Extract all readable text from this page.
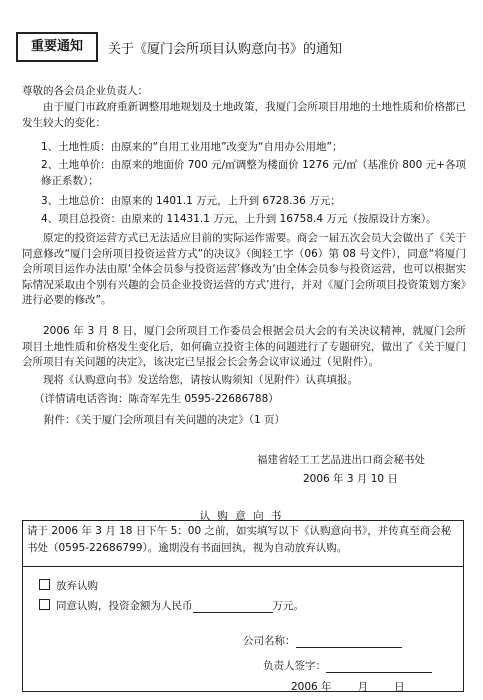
重要通知	关于《厦门会所项目认购意向书》的通知
尊敬的各会员企业负责人：
由于厦门市政府重新调整用地规划及土地政策，我厦门会所项目用地的土地性质和价格都已发生较大的变化：
1、土地性质：由原来的“自用工业用地”改变为“自用办公用地”；
2、土地单价：由原来的地面价 700 元/㎡调整为楼面价 1276 元/㎡（基准价 800 元+各项修正系数）；
3、土地总价：由原来的 1401.1 万元，上升到 6728.36 万元；
4、项目总投资：由原来的 11431.1 万元，上升到 16758.4 万元（按原设计方案）。
原定的投资运营方式已无法适应目前的实际运作需要。商会一届五次会员大会做出了《关于同意修改“厦门会所项目投资运营方式”的决议》（闽轻工字（06）第 08 号文件），同意“将厦门会所项目运作办法由原‘全体会员参与投资运营’修改为‘由全体会员参与投资运营，也可以根据实际情况采取由个别有兴趣的会员企业投资运营的方式’进行，并对《厦门会所项目投资策划方案》进行必要的修改”。
2006 年 3 月 8 日，厦门会所项目工作委员会根据会员大会的有关决议精神，就厦门会所项目土地性质和价格发生变化后，如何确立投资主体的问题进行了专题研究，做出了《关于厦门会所项目有关问题的决定》，该决定已呈报会长会务会议审议通过（见附件）。
现将《认购意向书》发送给您，请按认购须知（见附件）认真填报。
（详情请电话咨询：陈奇军先生 0595-22686788）
附件：《关于厦门会所项目有关问题的决定》（1 页）
福建省轻工工艺品进出口商会秘书处
2006 年 3 月 10 日
认 购 意 向 书
请于 2006 年 3 月 18 日下午 5：00 之前，如实填写以下《认购意向书》，并传真至商会秘书处（0595-22686799）。逾期没有书面回执，视为自动放弃认购。
放弃认购
同意认购，投资金额为人民币	万元。
公司名称：
负责人签字：
2006 年 月 日
